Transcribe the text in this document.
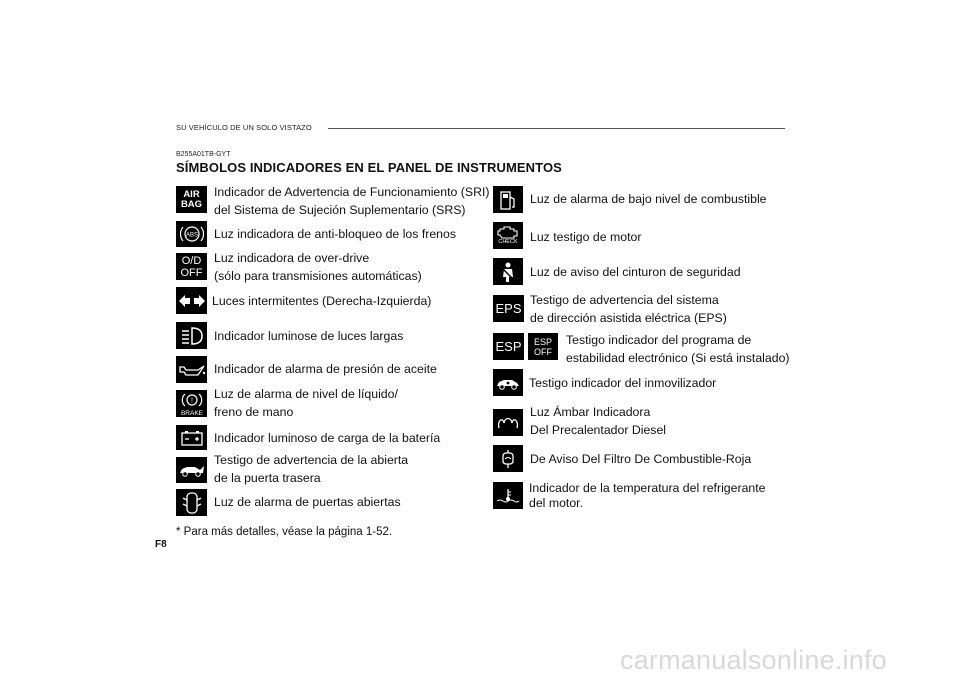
SU VEHÍCULO DE UN SOLO VISTAZO
B255A01TB-GYT
SÍMBOLOS INDICADORES EN EL PANEL DE INSTRUMENTOS
AIR
BAG
Indicador de Advertencia de Funcionamiento (SRI)
del Sistema de Sujeción Suplementario (SRS)
ABS Luz indicadora de anti-bloqueo de los frenos
O/D
OFF
Luz indicadora de over-drive
(sólo para transmisiones automáticas)
Luces intermitentes (Derecha-Izquierda)
Indicador luminose de luces largas
Indicador de alarma de presión de aceite
!
BRAKE
Luz de alarma de nivel de líquido/
freno de mano
Indicador luminoso de carga de la batería
Testigo de advertencia de la abierta
de la puerta trasera
Luz de alarma de puertas abiertas
Luz de alarma de bajo nivel de combustible
CHECK Luz testigo de motor
Luz de aviso del cinturon de seguridad
EPS
Testigo de advertencia del sistema
de dirección asistida eléctrica (EPS)
ESP ESP
OFF
Testigo indicador del programa de
estabilidad electrónico (Si está instalado)
Testigo indicador del inmovilizador
Luz Ámbar Indicadora
Del Precalentador Diesel
De Aviso Del Filtro De Combustible-Roja
Indicador de la temperatura del refrigerante
del motor.
* Para más detalles, véase la página 1-52.
F8
carmanualsonline.info
